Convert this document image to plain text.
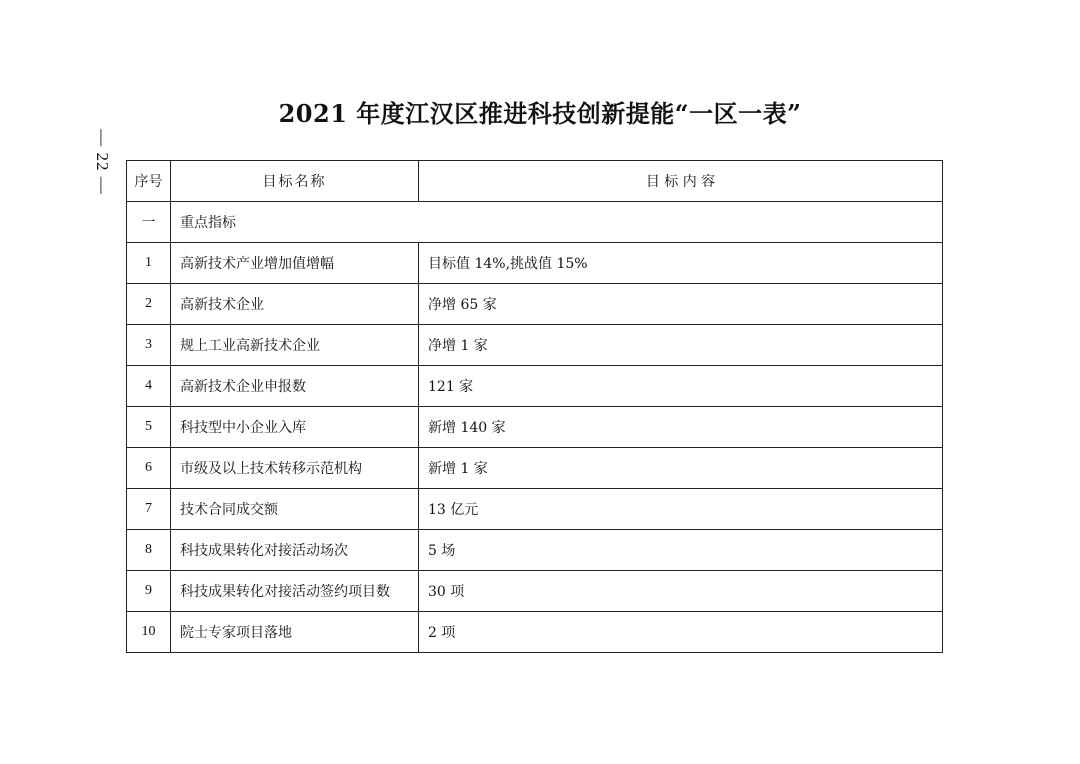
— 22 —
2021 年度江汉区推进科技创新提能“一区一表”
序号	目标名称	目 标 内 容
一	重点指标	
1	高新技术产业增加值增幅	目标值 14%,挑战值 15%
2	高新技术企业	净增 65 家
3	规上工业高新技术企业	净增 1 家
4	高新技术企业申报数	121 家
5	科技型中小企业入库	新增 140 家
6	市级及以上技术转移示范机构	新增 1 家
7	技术合同成交额	13 亿元
8	科技成果转化对接活动场次	5 场
9	科技成果转化对接活动签约项目数	30 项
10	院士专家项目落地	2 项
